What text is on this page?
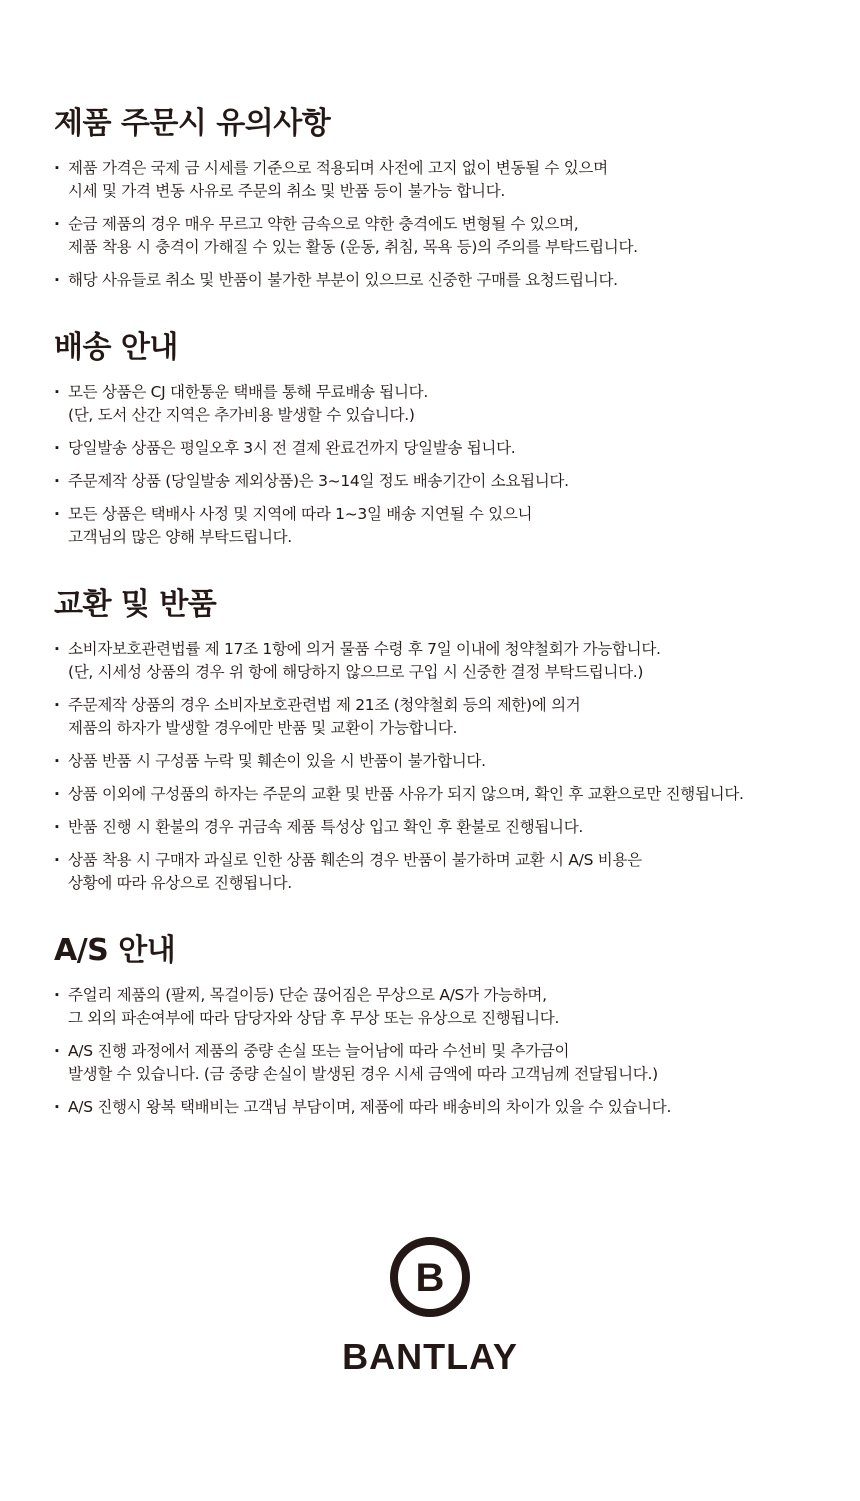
제품 주문시 유의사항
· 제품 가격은 국제 금 시세를 기준으로 적용되며 사전에 고지 없이 변동될 수 있으며
시세 및 가격 변동 사유로 주문의 취소 및 반품 등이 불가능 합니다.
· 순금 제품의 경우 매우 무르고 약한 금속으로 약한 충격에도 변형될 수 있으며,
제품 착용 시 충격이 가해질 수 있는 활동 (운동, 취침, 목욕 등)의 주의를 부탁드립니다.
· 해당 사유들로 취소 및 반품이 불가한 부분이 있으므로 신중한 구매를 요청드립니다.
배송 안내
· 모든 상품은 CJ 대한통운 택배를 통해 무료배송 됩니다.
(단, 도서 산간 지역은 추가비용 발생할 수 있습니다.)
· 당일발송 상품은 평일오후 3시 전 결제 완료건까지 당일발송 됩니다.
· 주문제작 상품 (당일발송 제외상품)은 3~14일 정도 배송기간이 소요됩니다.
· 모든 상품은 택배사 사정 및 지역에 따라 1~3일 배송 지연될 수 있으니
고객님의 많은 양해 부탁드립니다.
교환 및 반품
· 소비자보호관련법률 제 17조 1항에 의거 물품 수령 후 7일 이내에 청약철회가 가능합니다.
(단, 시세성 상품의 경우 위 항에 해당하지 않으므로 구입 시 신중한 결정 부탁드립니다.)
· 주문제작 상품의 경우 소비자보호관련법 제 21조 (청약철회 등의 제한)에 의거
제품의 하자가 발생할 경우에만 반품 및 교환이 가능합니다.
· 상품 반품 시 구성품 누락 및 훼손이 있을 시 반품이 불가합니다.
· 상품 이외에 구성품의 하자는 주문의 교환 및 반품 사유가 되지 않으며, 확인 후 교환으로만 진행됩니다.
· 반품 진행 시 환불의 경우 귀금속 제품 특성상 입고 확인 후 환불로 진행됩니다.
· 상품 착용 시 구매자 과실로 인한 상품 훼손의 경우 반품이 불가하며 교환 시 A/S 비용은
상황에 따라 유상으로 진행됩니다.
A/S 안내
· 주얼리 제품의 (팔찌, 목걸이등) 단순 끊어짐은 무상으로 A/S가 가능하며,
그 외의 파손여부에 따라 담당자와 상담 후 무상 또는 유상으로 진행됩니다.
· A/S 진행 과정에서 제품의 중량 손실 또는 늘어남에 따라 수선비 및 추가금이
발생할 수 있습니다. (금 중량 손실이 발생된 경우 시세 금액에 따라 고객님께 전달됩니다.)
· A/S 진행시 왕복 택배비는 고객님 부담이며, 제품에 따라 배송비의 차이가 있을 수 있습니다.
B
BANTLAY
